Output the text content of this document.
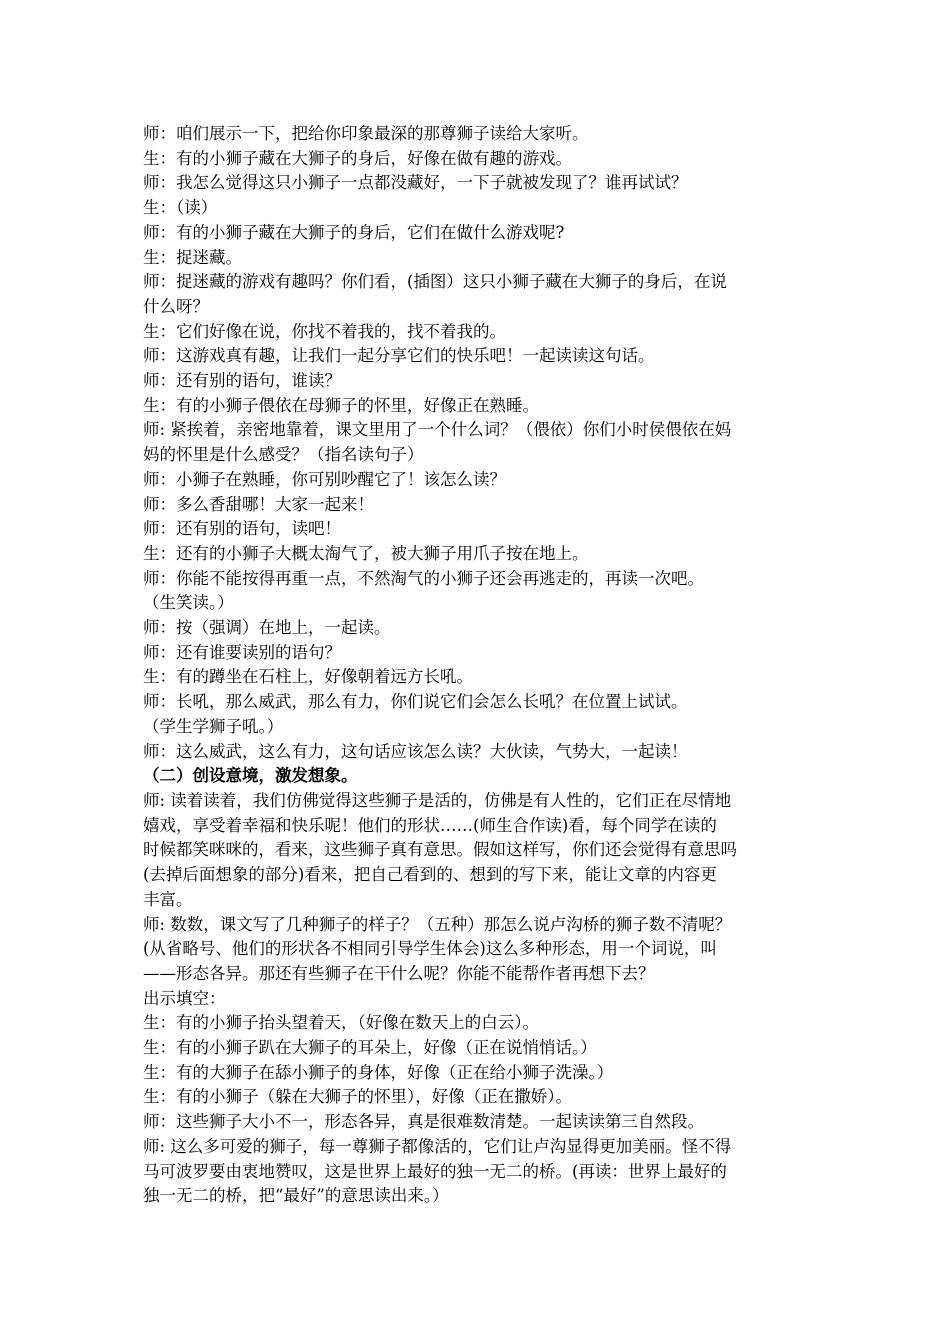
师：咱们展示一下，把给你印象最深的那尊狮子读给大家听。

生：有的小狮子藏在大狮子的身后，好像在做有趣的游戏。

师：我怎么觉得这只小狮子一点都没藏好，一下子就被发现了？谁再试试？

生：（读）

师：有的小狮子藏在大狮子的身后，它们在做什么游戏呢?

生：捉迷藏。

师：捉迷藏的游戏有趣吗？你们看，(插图）这只小狮子藏在大狮子的身后，在说

什么呀？

生：它们好像在说，你找不着我的，找不着我的。

师：这游戏真有趣，让我们一起分享它们的快乐吧！一起读读这句话。

师：还有别的语句，谁读？

生：有的小狮子偎依在母狮子的怀里，好像正在熟睡。

师: 紧挨着，亲密地靠着，课文里用了一个什么词？（偎依）你们小时侯偎依在妈

妈的怀里是什么感受？（指名读句子）

师：小狮子在熟睡，你可别吵醒它了！该怎么读？

师：多么香甜哪！大家一起来！

师：还有别的语句，读吧！

生：还有的小狮子大概太淘气了，被大狮子用爪子按在地上。

师：你能不能按得再重一点，不然淘气的小狮子还会再逃走的，再读一次吧。

（生笑读。）

师：按（强调）在地上，一起读。

师：还有谁要读别的语句？

生：有的蹲坐在石柱上，好像朝着远方长吼。

师：长吼，那么威武，那么有力，你们说它们会怎么长吼？在位置上试试。

（学生学狮子吼。）

师：这么威武，这么有力，这句话应该怎么读？大伙读，气势大，一起读！

（二）创设意境，激发想象。

师: 读着读着，我们仿佛觉得这些狮子是活的，仿佛是有人性的，它们正在尽情地

嬉戏，享受着幸福和快乐呢！他们的形状……(师生合作读)看，每个同学在读的

时候都笑咪咪的，看来，这些狮子真有意思。假如这样写，你们还会觉得有意思吗

(去掉后面想象的部分)看来，把自己看到的、想到的写下来，能让文章的内容更

丰富。

师: 数数，课文写了几种狮子的样子？（五种）那怎么说卢沟桥的狮子数不清呢？

(从省略号、他们的形状各不相同引导学生体会)这么多种形态，用一个词说，叫

——形态各异。那还有些狮子在干什么呢？你能不能帮作者再想下去？

出示填空：

生：有的小狮子抬头望着天，（好像在数天上的白云）。

生：有的小狮子趴在大狮子的耳朵上，好像（正在说悄悄话。）

生：有的大狮子在舔小狮子的身体，好像（正在给小狮子洗澡。）

生：有的小狮子（躲在大狮子的怀里），好像（正在撒娇）。

师：这些狮子大小不一，形态各异，真是很难数清楚。一起读读第三自然段。

师: 这么多可爱的狮子，每一尊狮子都像活的，它们让卢沟显得更加美丽。怪不得

马可波罗要由衷地赞叹，这是世界上最好的独一无二的桥。(再读：世界上最好的

独一无二的桥，把“最好”的意思读出来。）
